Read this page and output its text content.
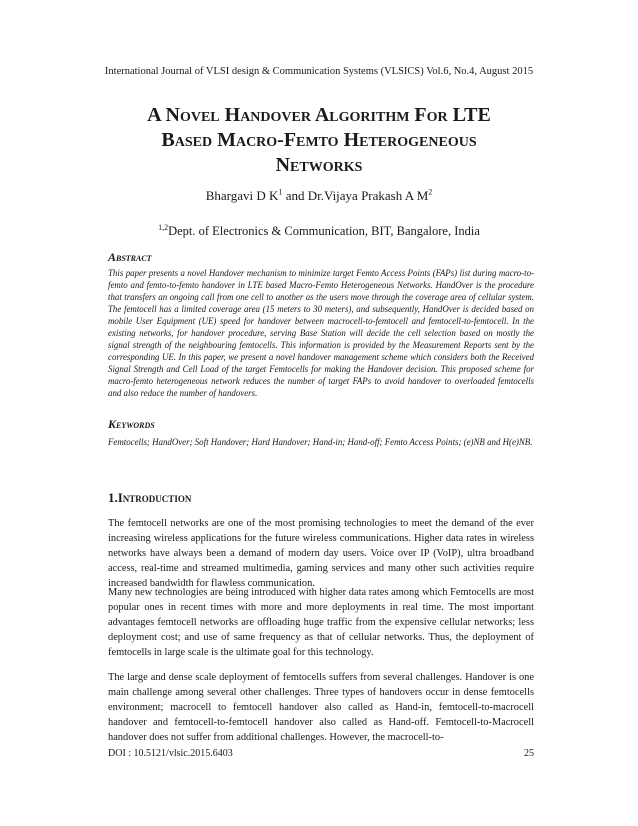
International Journal of VLSI design & Communication Systems (VLSICS) Vol.6, No.4, August 2015
A Novel Handover Algorithm For LTE
Based Macro-Femto Heterogeneous
Networks
Bhargavi D $K^1$ and Dr.Vijaya Prakash A $M^2$
$^{1,2}$Dept. of Electronics & Communication, BIT, Bangalore, India
Abstract
This paper presents a novel Handover mechanism to minimize target Femto Access Points (FAPs) list during macro-to-femto and femto-to-femto handover in LTE based Macro-Femto Heterogeneous Networks. HandOver is the procedure that transfers an ongoing call from one cell to another as the users move through the coverage area of cellular system. The femtocell has a limited coverage area (15 meters to 30 meters), and subsequently, HandOver is decided based on mobile User Equipment (UE) speed for handover between macrocell-to-femtocell and femtocell-to-femtocell. In the existing networks, for handover procedure, serving Base Station will decide the cell selection based on mostly the signal strength of the neighbouring femtocells. This information is provided by the Measurement Reports sent by the corresponding UE. In this paper, we present a novel handover management scheme which considers both the Received Signal Strength and Cell Load of the target Femtocells for making the Handover decision. This proposed scheme for macro-femto heterogeneous network reduces the number of target FAPs to avoid handover to overloaded femtocells and also reduce the number of handovers.
Keywords
Femtocells; HandOver; Soft Handover; Hard Handover; Hand-in; Hand-off; Femto Access Points; (e)NB and H(e)NB.
1.Introduction
The femtocell networks are one of the most promising technologies to meet the demand of the ever increasing wireless applications for the future wireless communications. Higher data rates in wireless networks have always been a demand of modern day users. Voice over IP (VoIP), ultra broadband access, real-time and streamed multimedia, gaming services and many other such activities require increased bandwidth for flawless communication.
Many new technologies are being introduced with higher data rates among which Femtocells are most popular ones in recent times with more and more deployments in real time. The most important advantages femtocell networks are offloading huge traffic from the expensive cellular networks; less deployment cost; and use of same frequency as that of cellular networks. Thus, the deployment of femtocells in large scale is the ultimate goal for this technology.
The large and dense scale deployment of femtocells suffers from several challenges. Handover is one main challenge among several other challenges. Three types of handovers occur in dense femtocells environment; macrocell to femtocell handover also called as Hand-in, femtocell-to-macrocell handover and femtocell-to-femtocell handover also called as Hand-off. Femtocell-to-Macrocell handover does not suffer from additional challenges. However, the macrocell-to-
DOI : 10.5121/vlsic.2015.6403	25
